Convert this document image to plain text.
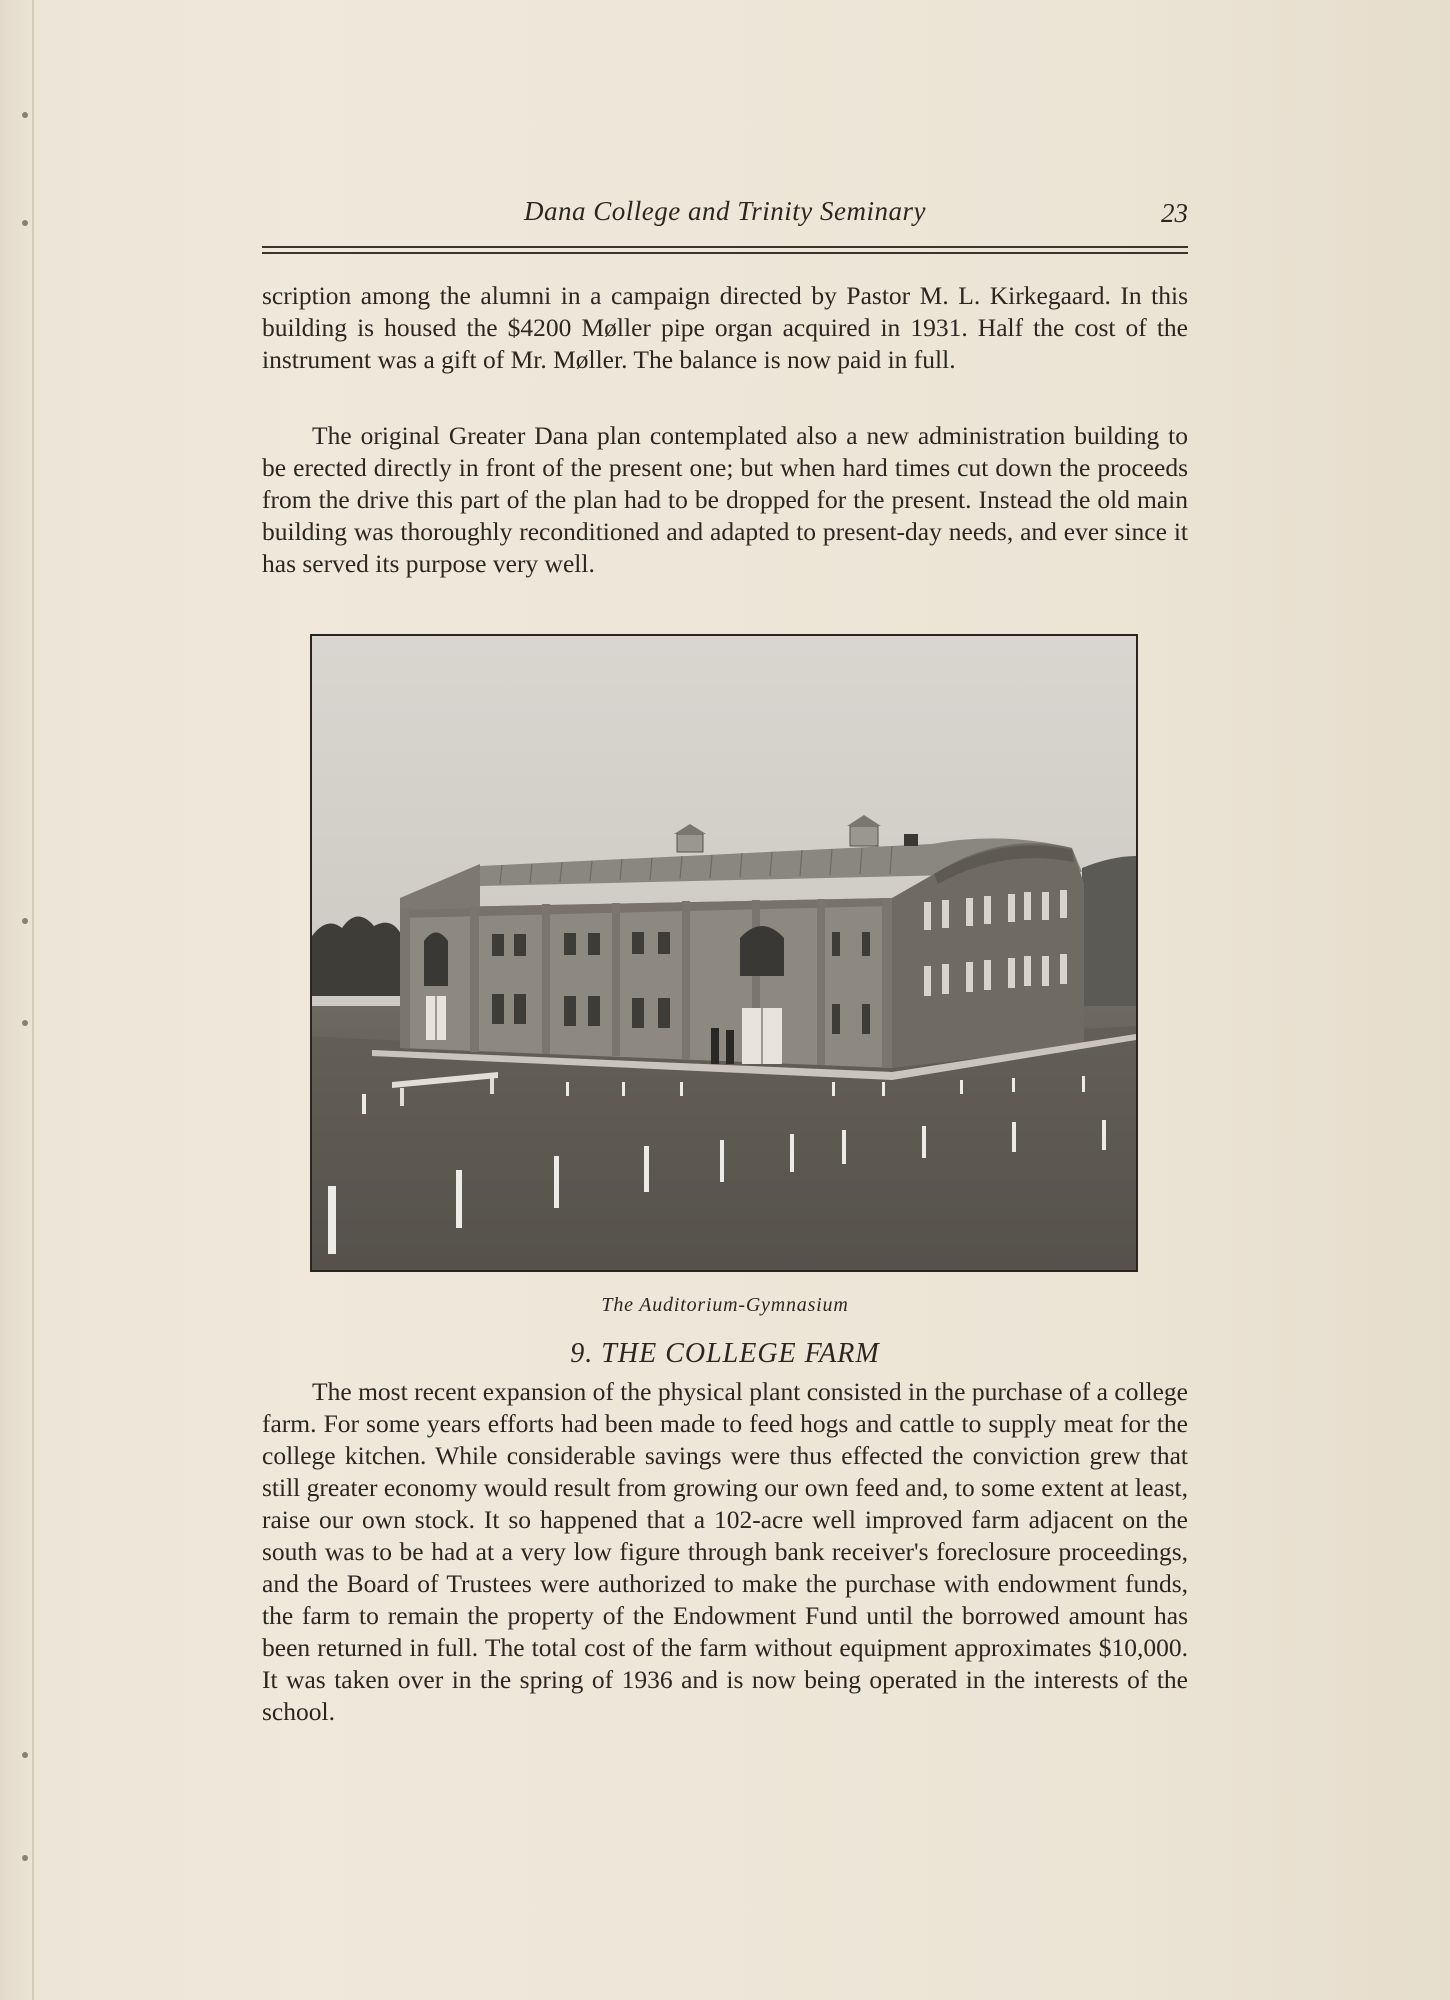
Dana College and Trinity Seminary	23

scription among the alumni in a campaign directed by Pastor M. L. Kirkegaard. In this building is housed the $4200 Møller pipe organ acquired in 1931. Half the cost of the instrument was a gift of Mr. Møller. The balance is now paid in full.

The original Greater Dana plan contemplated also a new administration building to be erected directly in front of the present one; but when hard times cut down the proceeds from the drive this part of the plan had to be dropped for the present. Instead the old main building was thoroughly reconditioned and adapted to present-day needs, and ever since it has served its purpose very well.

The Auditorium-Gymnasium
9. THE COLLEGE FARM

The most recent expansion of the physical plant consisted in the purchase of a college farm. For some years efforts had been made to feed hogs and cattle to supply meat for the college kitchen. While considerable savings were thus effected the conviction grew that still greater economy would result from growing our own feed and, to some extent at least, raise our own stock. It so happened that a 102-acre well improved farm adjacent on the south was to be had at a very low figure through bank receiver's foreclosure proceedings, and the Board of Trustees were authorized to make the purchase with endowment funds, the farm to remain the property of the Endowment Fund until the borrowed amount has been returned in full. The total cost of the farm without equipment approximates $10,000. It was taken over in the spring of 1936 and is now being operated in the interests of the school.
